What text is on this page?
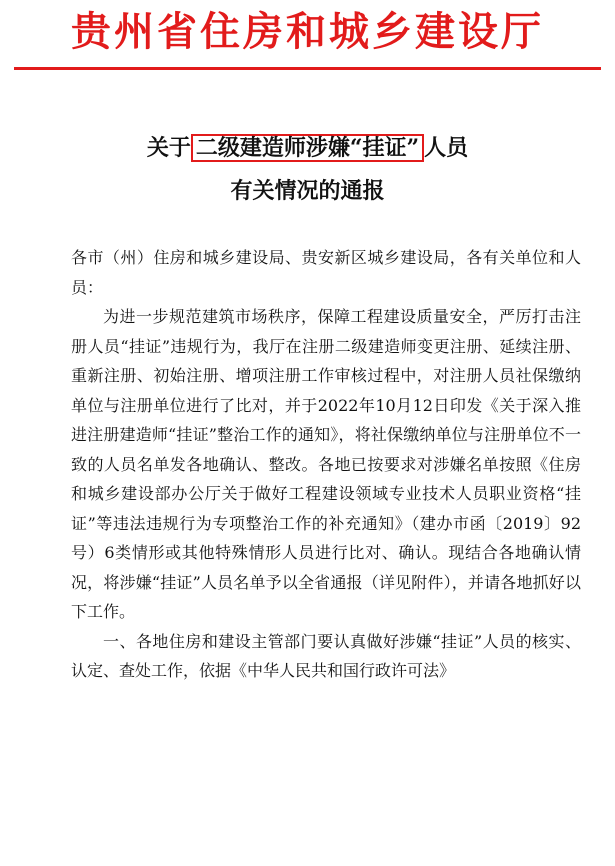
贵州省住房和城乡建设厅
关于 二级建造师涉嫌“挂证” 人员
有关情况的通报

各市（州）住房和城乡建设局、贵安新区城乡建设局，各有关单位和人员：

为进一步规范建筑市场秩序，保障工程建设质量安全，严厉打击注册人员“挂证”违规行为，我厅在注册二级建造师变更注册、延续注册、重新注册、初始注册、增项注册工作审核过程中，对注册人员社保缴纳单位与注册单位进行了比对，并于2022年10月12日印发《关于深入推进注册建造师“挂证”整治工作的通知》，将社保缴纳单位与注册单位不一致的人员名单发各地确认、整改。各地已按要求对涉嫌名单按照《住房和城乡建设部办公厅关于做好工程建设领域专业技术人员职业资格“挂证”等违法违规行为专项整治工作的补充通知》（建办市函〔2019〕92号）6类情形或其他特殊情形人员进行比对、确认。现结合各地确认情况，将涉嫌“挂证”人员名单予以全省通报（详见附件），并请各地抓好以下工作。

一、各地住房和建设主管部门要认真做好涉嫌“挂证”人员的核实、认定、查处工作，依据《中华人民共和国行政许可法》
